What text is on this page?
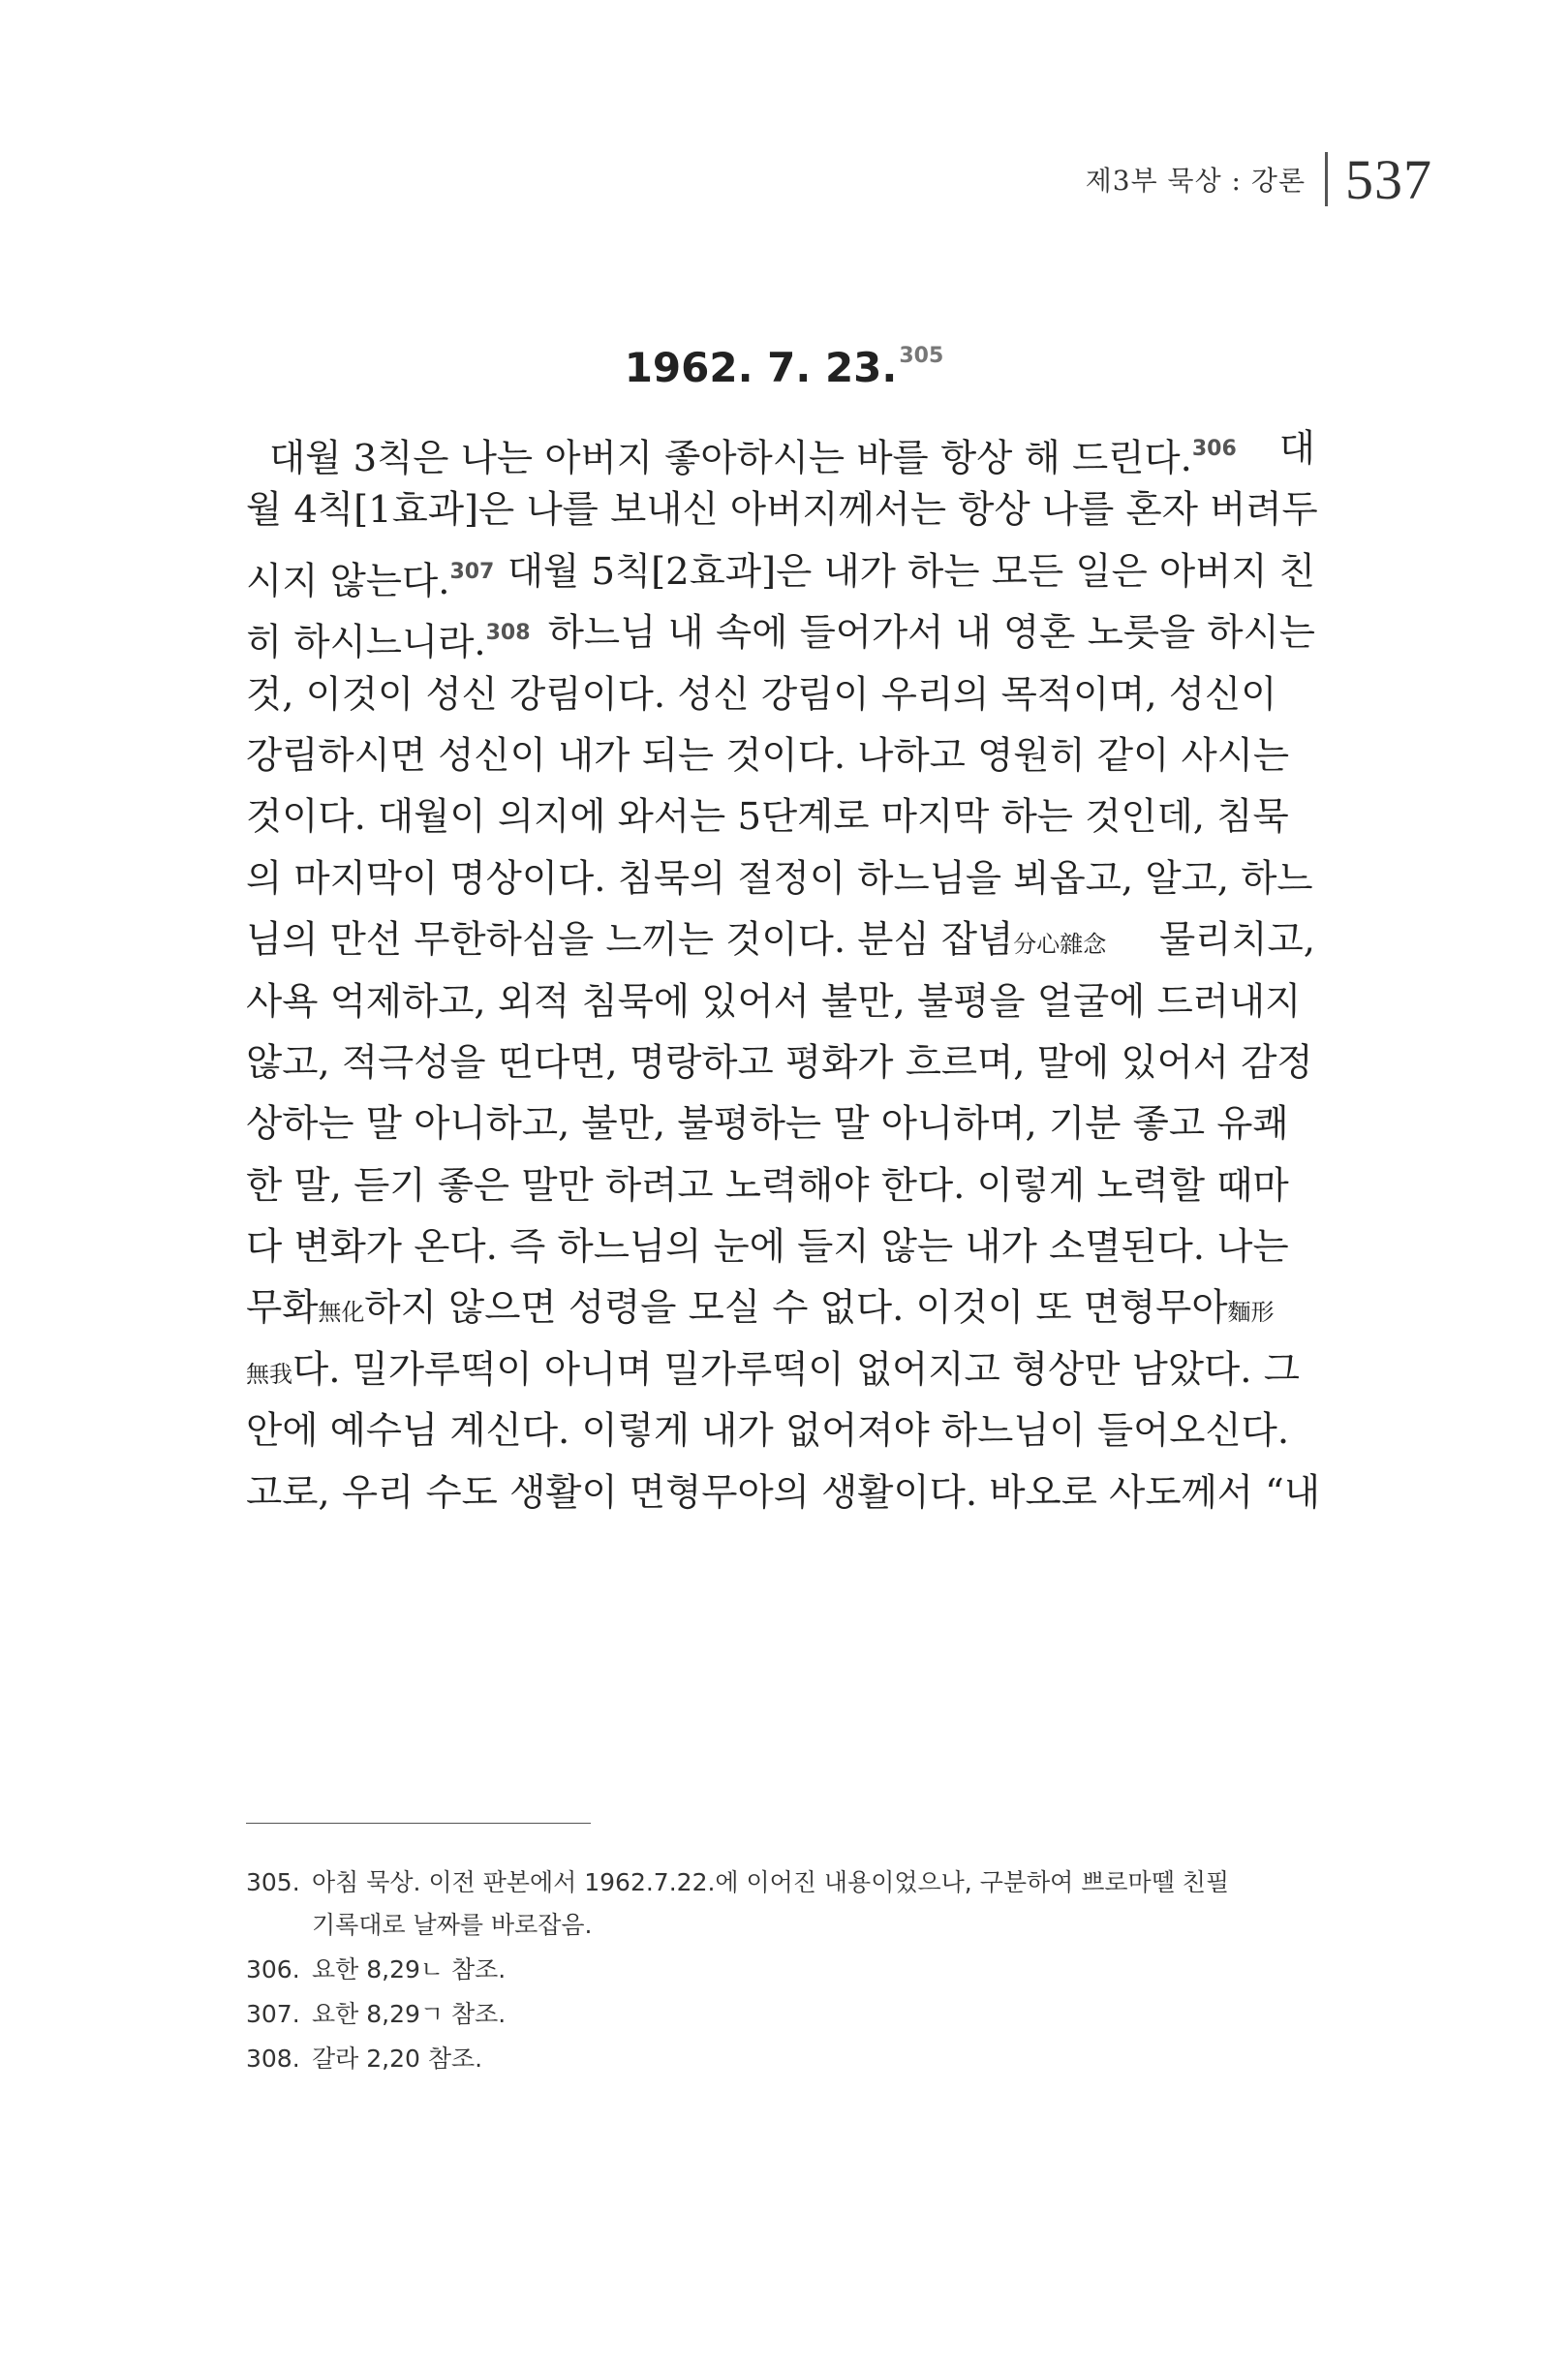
제3부 묵상 : 강론 537
1962. 7. 23.$^{305}$
대월 3칙은 나는 아버지 좋아하시는 바를 항상 해 드린다.$^{306}$ 대
월 4칙[1효과]은 나를 보내신 아버지께서는 항상 나를 혼자 버려두
시지 않는다.$^{307}$ 대월 5칙[2효과]은 내가 하는 모든 일은 아버지 친
히 하시느니라.$^{308}$ 하느님 내 속에 들어가서 내 영혼 노릇을 하시는
것, 이것이 성신 강림이다. 성신 강림이 우리의 목적이며, 성신이
강림하시면 성신이 내가 되는 것이다. 나하고 영원히 같이 사시는
것이다. 대월이 의지에 와서는 5단계로 마지막 하는 것인데, 침묵
의 마지막이 명상이다. 침묵의 절정이 하느님을 뵈옵고, 알고, 하느
님의 만선 무한하심을 느끼는 것이다. 분심 잡념分心雜念 물리치고,
사욕 억제하고, 외적 침묵에 있어서 불만, 불평을 얼굴에 드러내지
않고, 적극성을 띤다면, 명랑하고 평화가 흐르며, 말에 있어서 감정
상하는 말 아니하고, 불만, 불평하는 말 아니하며, 기분 좋고 유쾌
한 말, 듣기 좋은 말만 하려고 노력해야 한다. 이렇게 노력할 때마
다 변화가 온다. 즉 하느님의 눈에 들지 않는 내가 소멸된다. 나는
무화無化하지 않으면 성령을 모실 수 없다. 이것이 또 면형무아麵形
無我다. 밀가루떡이 아니며 밀가루떡이 없어지고 형상만 남았다. 그
안에 예수님 계신다. 이렇게 내가 없어져야 하느님이 들어오신다.
고로, 우리 수도 생활이 면형무아의 생활이다. 바오로 사도께서 “내
305. 아침 묵상. 이전 판본에서 1962.7.22.에 이어진 내용이었으나, 구분하여 쁘로마뗄 친필
기록대로 날짜를 바로잡음.
306. 요한 8,29ㄴ 참조.
307. 요한 8,29ㄱ 참조.
308. 갈라 2,20 참조.
